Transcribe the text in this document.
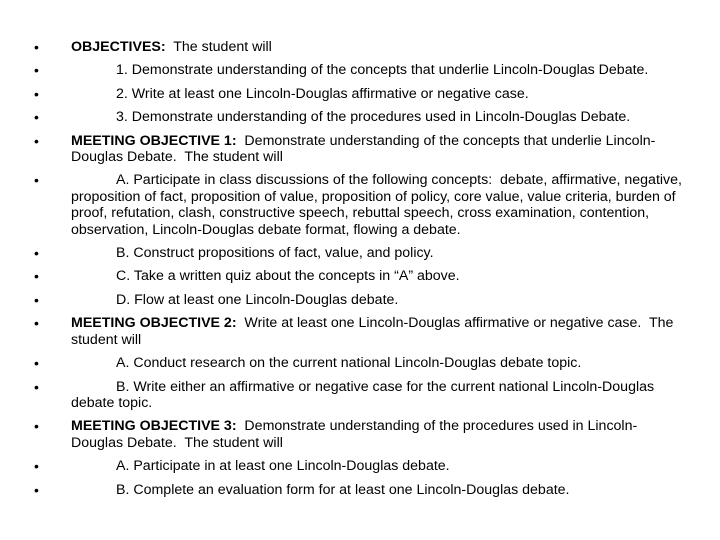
•	OBJECTIVES:  The student will
•	1. Demonstrate understanding of the concepts that underlie Lincoln-Douglas Debate.
•	2. Write at least one Lincoln-Douglas affirmative or negative case.
•	3. Demonstrate understanding of the procedures used in Lincoln-Douglas Debate.
•	MEETING OBJECTIVE 1:  Demonstrate understanding of the concepts that underlie Lincoln-Douglas Debate.  The student will
•	A. Participate in class discussions of the following concepts:  debate, affirmative, negative, proposition of fact, proposition of value, proposition of policy, core value, value criteria, burden of proof, refutation, clash, constructive speech, rebuttal speech, cross examination, contention, observation, Lincoln-Douglas debate format, flowing a debate.
•	B. Construct propositions of fact, value, and policy.
•	C. Take a written quiz about the concepts in “A” above.
•	D. Flow at least one Lincoln-Douglas debate.
•	MEETING OBJECTIVE 2:  Write at least one Lincoln-Douglas affirmative or negative case.  The student will
•	A. Conduct research on the current national Lincoln-Douglas debate topic.
•	B. Write either an affirmative or negative case for the current national Lincoln-Douglas debate topic.
•	MEETING OBJECTIVE 3:  Demonstrate understanding of the procedures used in Lincoln-Douglas Debate.  The student will
•	A. Participate in at least one Lincoln-Douglas debate.
•	B. Complete an evaluation form for at least one Lincoln-Douglas debate.
